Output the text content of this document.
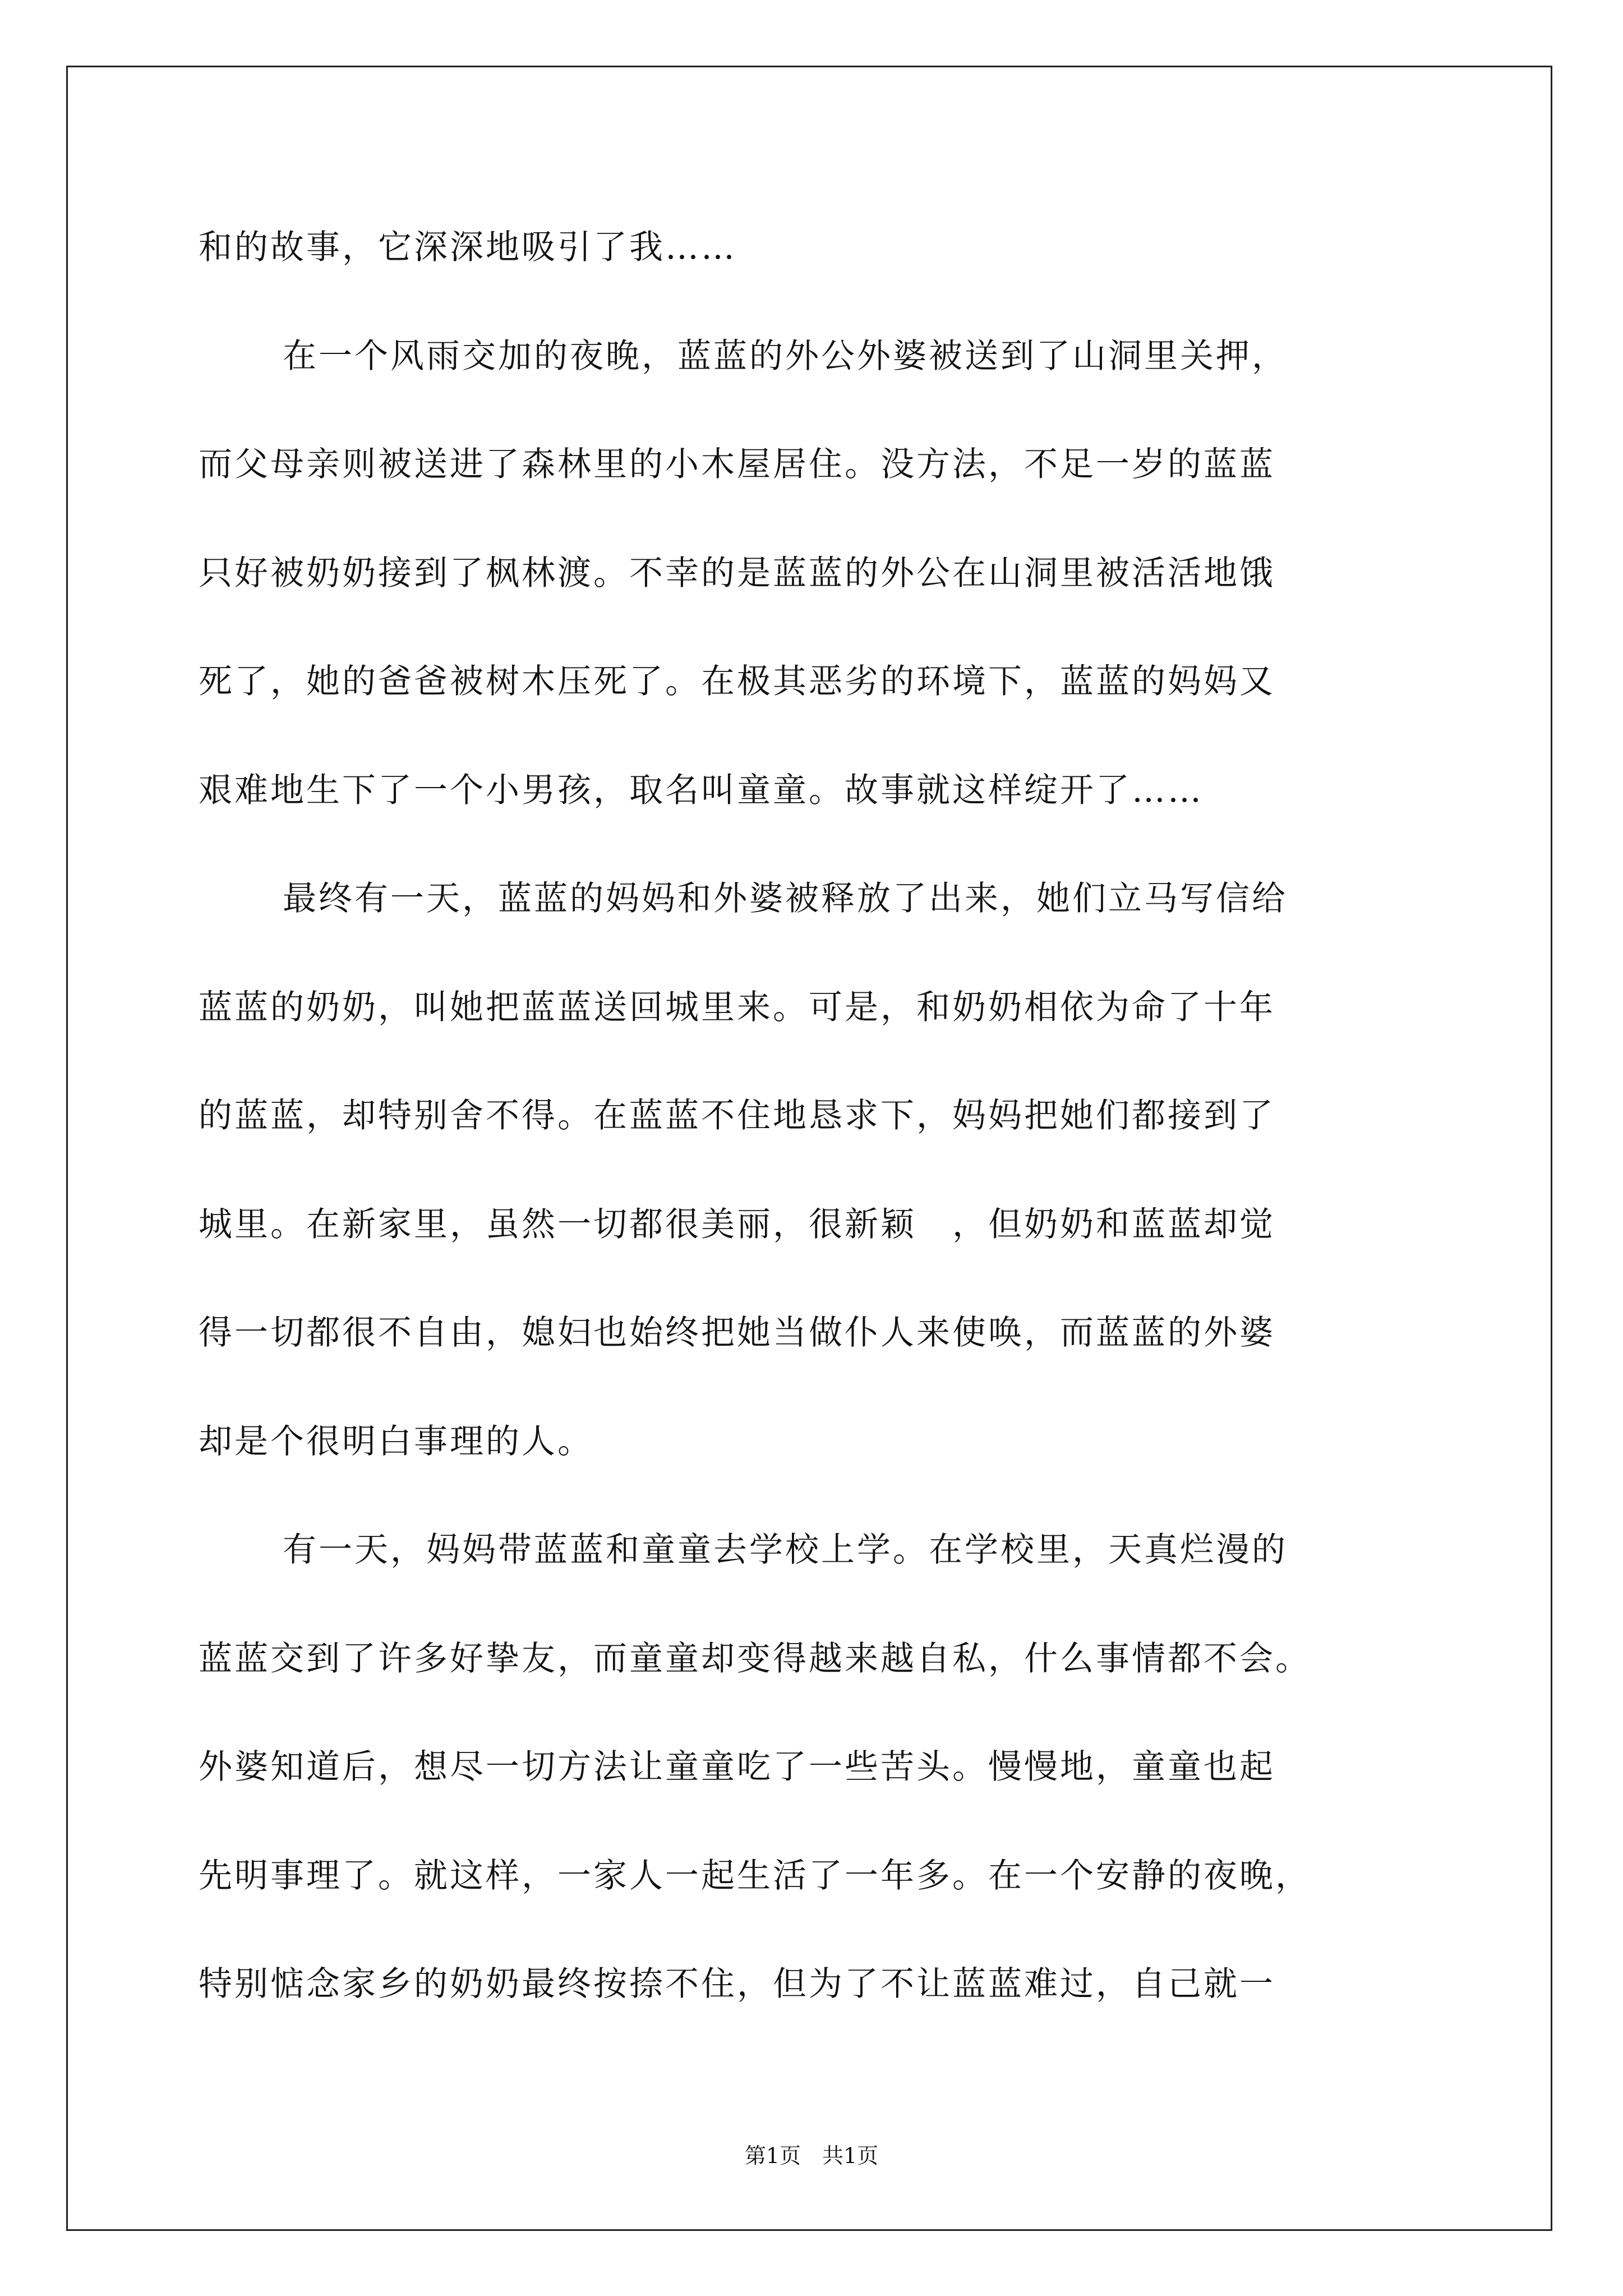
和的故事，它深深地吸引了我……
在一个风雨交加的夜晚，蓝蓝的外公外婆被送到了山洞里关押，
而父母亲则被送进了森林里的小木屋居住。没方法，不足一岁的蓝蓝
只好被奶奶接到了枫林渡。不幸的是蓝蓝的外公在山洞里被活活地饿
死了，她的爸爸被树木压死了。在极其恶劣的环境下，蓝蓝的妈妈又
艰难地生下了一个小男孩，取名叫童童。故事就这样绽开了……
最终有一天，蓝蓝的妈妈和外婆被释放了出来，她们立马写信给
蓝蓝的奶奶，叫她把蓝蓝送回城里来。可是，和奶奶相依为命了十年
的蓝蓝，却特别舍不得。在蓝蓝不住地恳求下，妈妈把她们都接到了
城里。在新家里，虽然一切都很美丽，很新颖　，但奶奶和蓝蓝却觉
得一切都很不自由，媳妇也始终把她当做仆人来使唤，而蓝蓝的外婆
却是个很明白事理的人。
有一天，妈妈带蓝蓝和童童去学校上学。在学校里，天真烂漫的
蓝蓝交到了许多好挚友，而童童却变得越来越自私，什么事情都不会。
外婆知道后，想尽一切方法让童童吃了一些苦头。慢慢地，童童也起
先明事理了。就这样，一家人一起生活了一年多。在一个安静的夜晚，
特别惦念家乡的奶奶最终按捺不住，但为了不让蓝蓝难过，自己就一
第1页　共1页
